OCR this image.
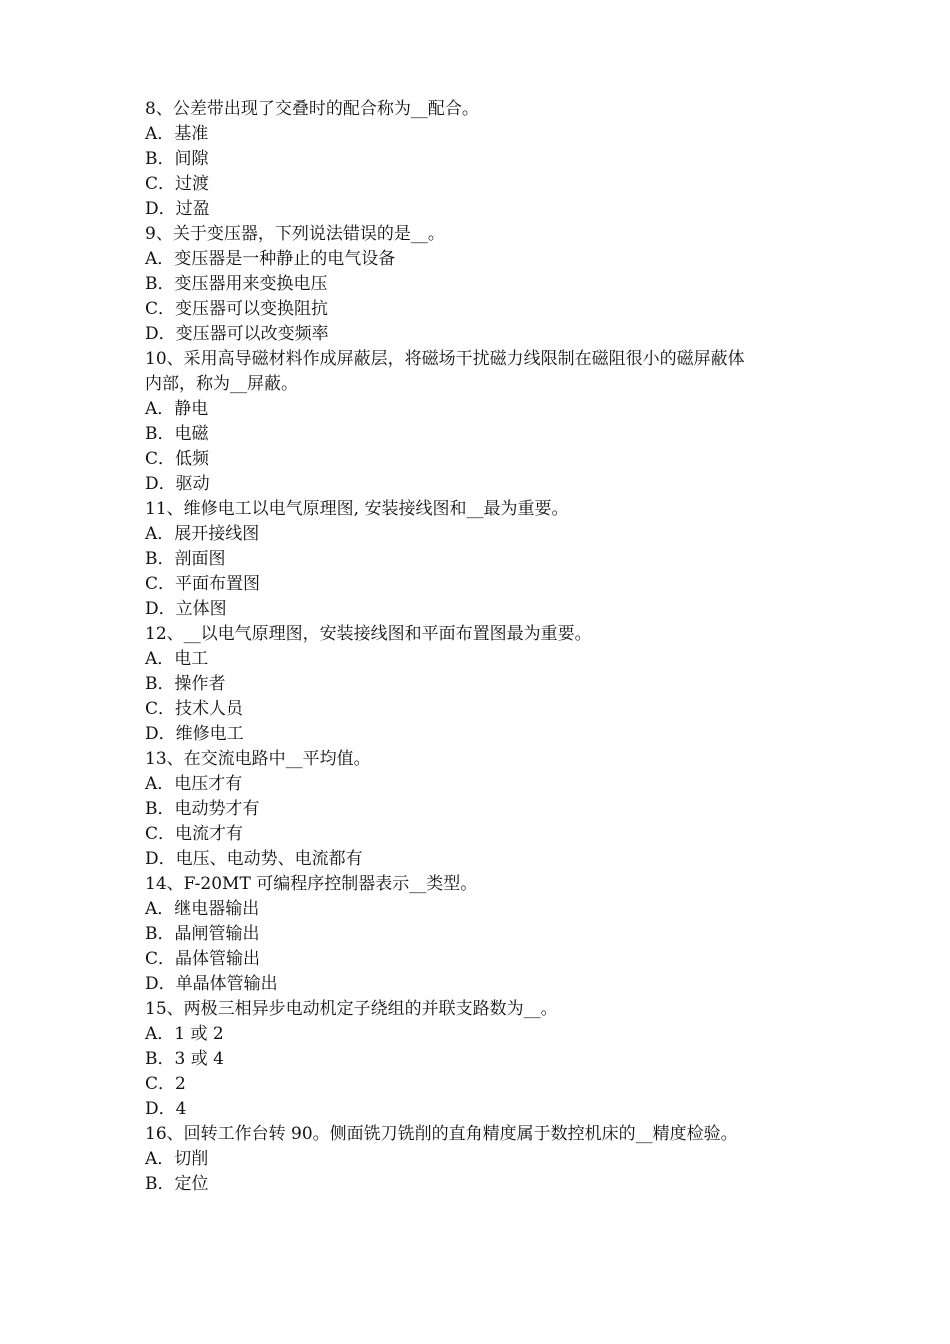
8、公差带出现了交叠时的配合称为__配合。

A．基准

B．间隙

C．过渡

D．过盈

9、关于变压器，下列说法错误的是__。

A．变压器是一种静止的电气设备

B．变压器用来变换电压

C．变压器可以变换阻抗

D．变压器可以改变频率

10、采用高导磁材料作成屏蔽层，将磁场干扰磁力线限制在磁阻很小的磁屏蔽体

内部，称为__屏蔽。

A．静电

B．电磁

C．低频

D．驱动

11、维修电工以电气原理图, 安装接线图和__最为重要。

A．展开接线图

B．剖面图

C．平面布置图

D．立体图

12、__以电气原理图，安装接线图和平面布置图最为重要。

A．电工

B．操作者

C．技术人员

D．维修电工

13、在交流电路中__平均值。

A．电压才有

B．电动势才有

C．电流才有

D．电压、电动势、电流都有

14、F-20MT 可编程序控制器表示__类型。

A．继电器输出

B．晶闸管输出

C．晶体管输出

D．单晶体管输出

15、两极三相异步电动机定子绕组的并联支路数为__。

A．1 或 2

B．3 或 4

C．2

D．4

16、回转工作台转 90。侧面铣刀铣削的直角精度属于数控机床的__精度检验。

A．切削

B．定位
